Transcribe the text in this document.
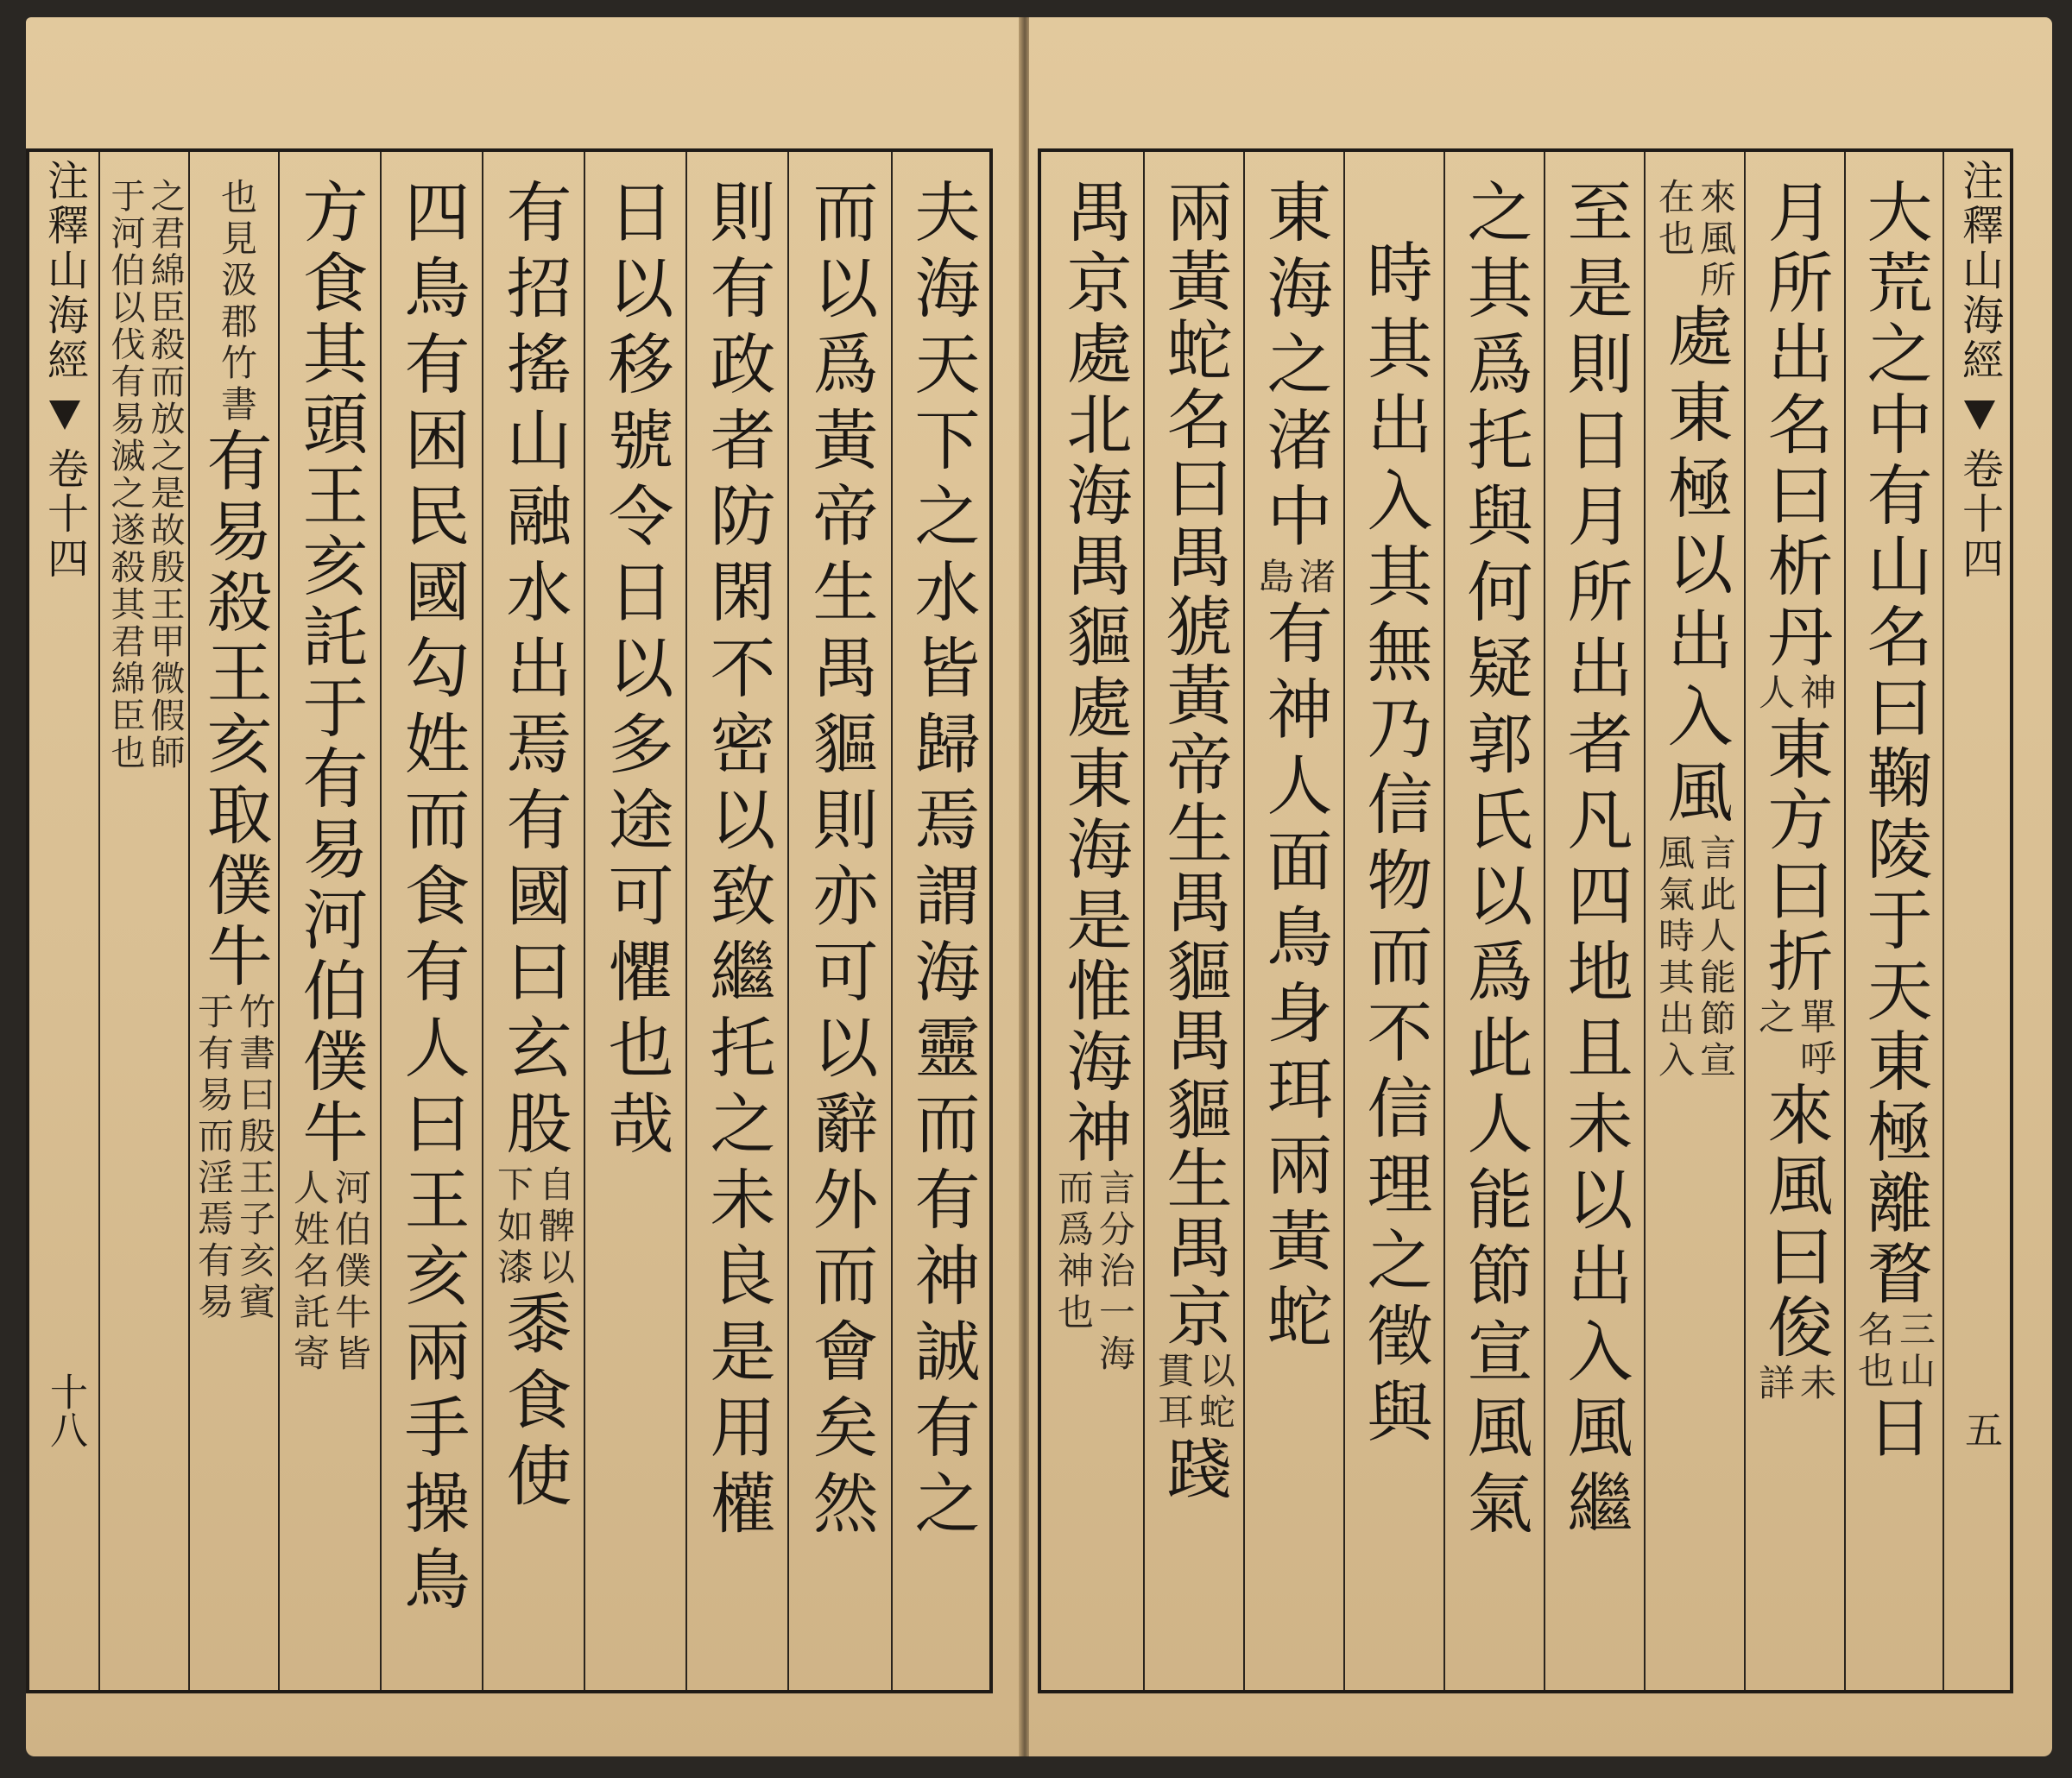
注釋山海經
卷十四
十八	夫海天下之水皆歸焉謂海靈而有神誠有之
而以爲黃帝生禺貙則亦可以辭外而會矣然
則有政者防閑不密以致繼托之未良是用權
日以移號令日以多途可懼也哉
有招搖山融水出焉有國曰玄股
自髀以
下如漆
黍食使
四鳥有困民國勾姓而食有人曰王亥兩手操鳥
方食其頭王亥託于有易河伯僕牛
河伯僕牛皆
人姓名託寄
也見汲郡竹書
有易殺王亥取僕牛
竹書曰殷王子亥賓
于有易而淫焉有易
之君綿臣殺而放之是故殷王甲微假師
于河伯以伐有易滅之遂殺其君綿臣也	注釋山海經
卷十四
五
大荒之中有山名曰鞠陵于天東極離瞀
三山
名也
日
月所出名曰析丹
神
人
東方曰折
單呼
之
來風曰俊
未
詳
來風所
在也
處東極以出入風
言此人能節宣
風氣時其出入
至是則日月所出者凡四地且未以出入風繼
之其爲托與何疑郭氏以爲此人能節宣風氣
時其出入其無乃信物而不信理之徵與
東海之渚中
渚
島
有神人面鳥身珥兩黃蛇
兩黃蛇名曰禺猇黃帝生禺貙禺貙生禺京
以蛇
貫耳
踐
禺京處北海禺貙處東海是惟海神
言分治一海
而爲神也
